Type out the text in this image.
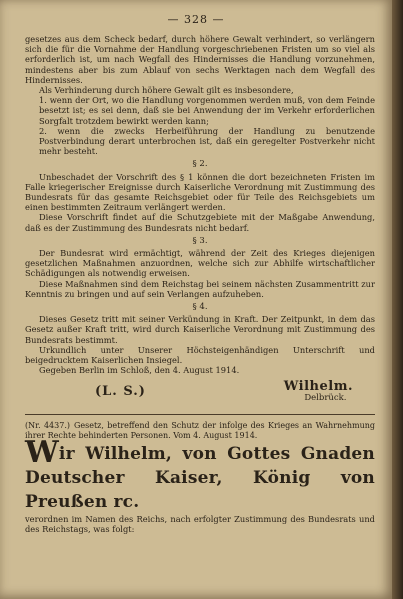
— 328 —

gesetzes aus dem Scheck bedarf, durch höhere Gewalt verhindert, so verlängern sich die für die Vornahme der Handlung vorgeschriebenen Fristen um so viel als erforderlich ist, um nach Wegfall des Hindernisses die Handlung vorzunehmen, mindestens aber bis zum Ablauf von sechs Werktagen nach dem Wegfall des Hindernisses.

Als Verhinderung durch höhere Gewalt gilt es insbesondere,

1. wenn der Ort, wo die Handlung vorgenommen werden muß, von dem Feinde besetzt ist; es sei denn, daß sie bei Anwendung der im Verkehr erforderlichen Sorgfalt trotzdem bewirkt werden kann;

2. wenn die zwecks Herbeiführung der Handlung zu benutzende Postverbindung derart unterbrochen ist, daß ein geregelter Postverkehr nicht mehr besteht.

§ 2.

Unbeschadet der Vorschrift des § 1 können die dort bezeichneten Fristen im Falle kriegerischer Ereignisse durch Kaiserliche Verordnung mit Zustimmung des Bundesrats für das gesamte Reichsgebiet oder für Teile des Reichsgebiets um einen bestimmten Zeitraum verlängert werden.

Diese Vorschrift findet auf die Schutzgebiete mit der Maßgabe Anwendung, daß es der Zustimmung des Bundesrats nicht bedarf.

§ 3.

Der Bundesrat wird ermächtigt, während der Zeit des Krieges diejenigen gesetzlichen Maßnahmen anzuordnen, welche sich zur Abhilfe wirtschaftlicher Schädigungen als notwendig erweisen.

Diese Maßnahmen sind dem Reichstag bei seinem nächsten Zusammentritt zur Kenntnis zu bringen und auf sein Verlangen aufzuheben.

§ 4.

Dieses Gesetz tritt mit seiner Verkündung in Kraft. Der Zeitpunkt, in dem das Gesetz außer Kraft tritt, wird durch Kaiserliche Verordnung mit Zustimmung des Bundesrats bestimmt.

Urkundlich unter Unserer Höchsteigenhändigen Unterschrift und beigedrucktem Kaiserlichen Insiegel.

Gegeben Berlin im Schloß, den 4. August 1914.

(L. S.)	Wilhelm.
Delbrück.

(Nr. 4437.) Gesetz, betreffend den Schutz der infolge des Krieges an Wahrnehmung ihrer Rechte behinderten Personen. Vom 4. August 1914.

Wir Wilhelm, von Gottes Gnaden Deutscher Kaiser, König von Preußen rc.

verordnen im Namen des Reichs, nach erfolgter Zustimmung des Bundesrats und des Reichstags, was folgt:
